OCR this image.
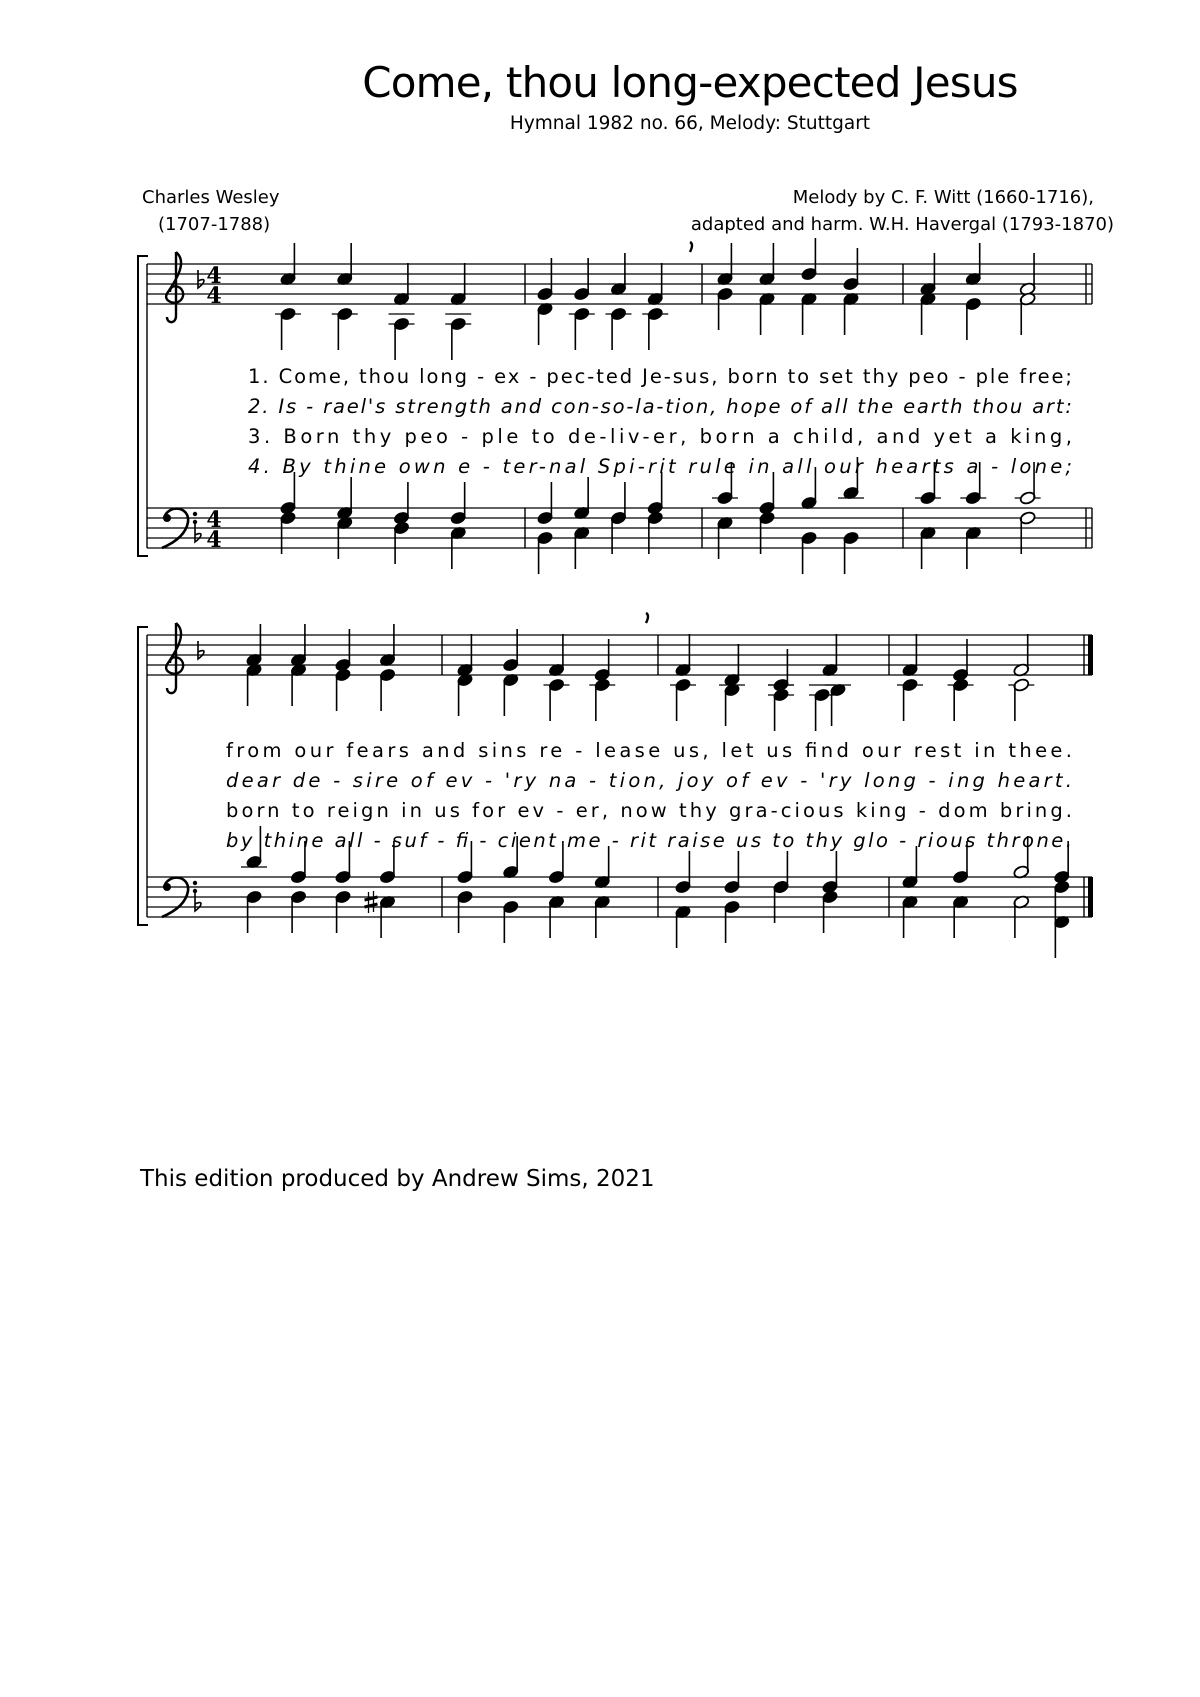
Come, thou long-expected Jesus
Hymnal 1982 no. 66, Melody: Stuttgart
Charles Wesley
(1707-1788)
Melody by C. F. Witt (1660-1716),
adapted and harm. W.H. Havergal (1793-1870)
4
4
4
4
1. Come, thou long - ex - pec-ted Je-sus, born to set thy peo - ple free;
2. Is - rael's strength and con-so-la-tion, hope of all the earth thou art:
3. Born thy peo - ple to de-liv-er, born a child, and yet a king,
4. By thine own e - ter-nal Spi-rit rule in all our hearts a - lone;
from our fears and sins re - lease us, let us find our rest in thee.
dear de - sire of ev - 'ry na - tion, joy of ev - 'ry long - ing heart.
born to reign in us for ev - er, now thy gra-cious king - dom bring.
by thine all - suf - fi - cient me - rit raise us to thy glo - rious throne.
This edition produced by Andrew Sims, 2021
